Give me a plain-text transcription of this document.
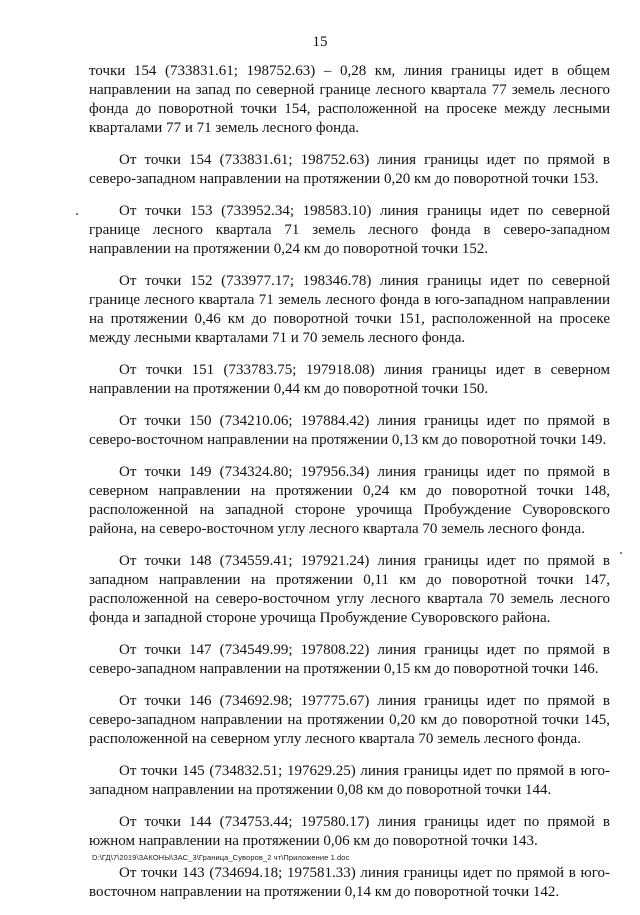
15

точки 154 (733831.61; 198752.63) – 0,28 км, линия границы идет в общем направлении на запад по северной границе лесного квартала 77 земель лесного фонда до поворотной точки 154, расположенной на просеке между лесными кварталами 77 и 71 земель лесного фонда.

От точки 154 (733831.61; 198752.63) линия границы идет по прямой в северо-западном направлении на протяжении 0,20 км до поворотной точки 153.

От точки 153 (733952.34; 198583.10) линия границы идет по северной границе лесного квартала 71 земель лесного фонда в северо-западном направлении на протяжении 0,24 км до поворотной точки 152.

От точки 152 (733977.17; 198346.78) линия границы идет по северной границе лесного квартала 71 земель лесного фонда в юго-западном направлении на протяжении 0,46 км до поворотной точки 151, расположенной на просеке между лесными кварталами 71 и 70 земель лесного фонда.

От точки 151 (733783.75; 197918.08) линия границы идет в северном направлении на протяжении 0,44 км до поворотной точки 150.

От точки 150 (734210.06; 197884.42) линия границы идет по прямой в северо-восточном направлении на протяжении 0,13 км до поворотной точки 149.

От точки 149 (734324.80; 197956.34) линия границы идет по прямой в северном направлении на протяжении 0,24 км до поворотной точки 148, расположенной на западной стороне урочища Пробуждение Суворовского района, на северо-восточном углу лесного квартала 70 земель лесного фонда.

От точки 148 (734559.41; 197921.24) линия границы идет по прямой в западном направлении на протяжении 0,11 км до поворотной точки 147, расположенной на северо-восточном углу лесного квартала 70 земель лесного фонда и западной стороне урочища Пробуждение Суворовского района.

От точки 147 (734549.99; 197808.22) линия границы идет по прямой в северо-западном направлении на протяжении 0,15 км до поворотной точки 146.

От точки 146 (734692.98; 197775.67) линия границы идет по прямой в северо-западном направлении на протяжении 0,20 км до поворотной точки 145, расположенной на северном углу лесного квартала 70 земель лесного фонда.

От точки 145 (734832.51; 197629.25) линия границы идет по прямой в юго-западном направлении на протяжении 0,08 км до поворотной точки 144.

От точки 144 (734753.44; 197580.17) линия границы идет по прямой в южном направлении на протяжении 0,06 км до поворотной точки 143.

От точки 143 (734694.18; 197581.33) линия границы идет по прямой в юго-восточном направлении на протяжении 0,14 км до поворотной точки 142.

D:\ГД\7\2019\ЗАКОНЫ\ЗАС_3\Граница_Суворов_2 чт\Приложение 1.doc
